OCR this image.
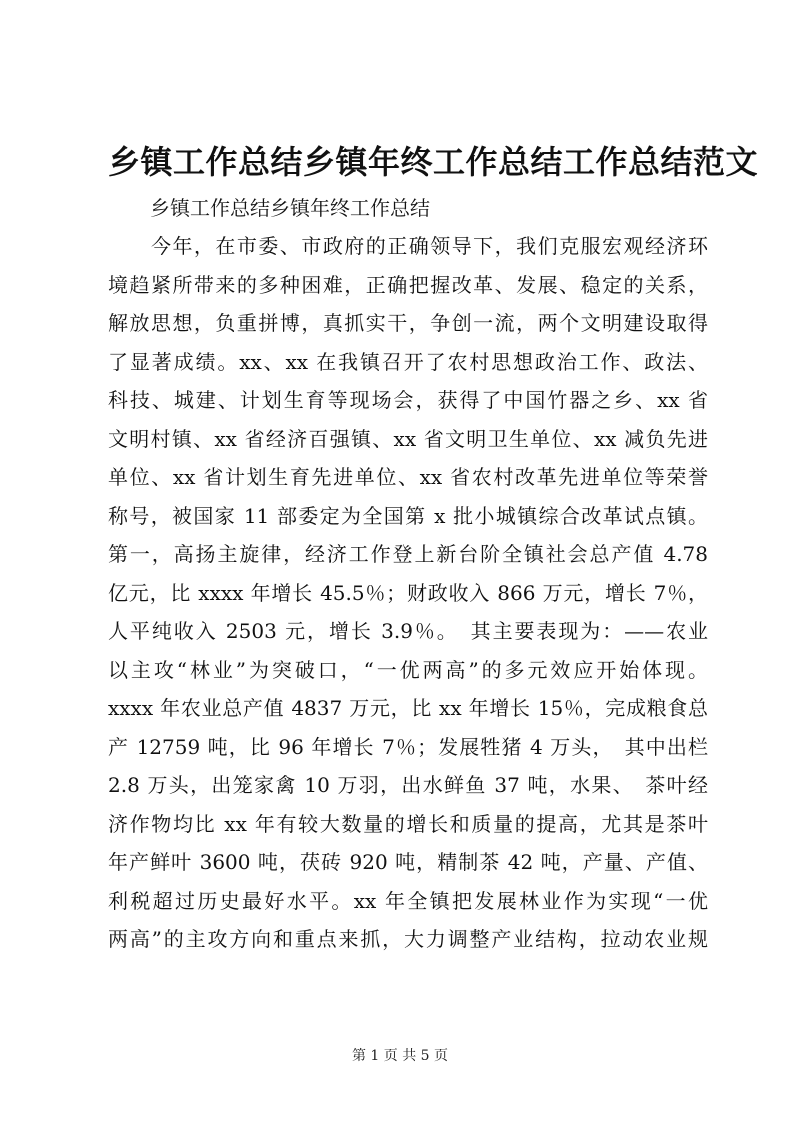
乡镇工作总结乡镇年终工作总结工作总结范文

乡镇工作总结乡镇年终工作总结

　　今年，在市委、市政府的正确领导下，我们克服宏观经济环
境趋紧所带来的多种困难，正确把握改革、发展、稳定的关系，
解放思想，负重拼博，真抓实干，争创一流，两个文明建设取得
了显著成绩。xx、xx 在我镇召开了农村思想政治工作、政法、
科技、城建、计划生育等现场会，获得了中国竹器之乡、xx 省
文明村镇、xx 省经济百强镇、xx 省文明卫生单位、xx 减负先进
单位、xx 省计划生育先进单位、xx 省农村改革先进单位等荣誉
称号，被国家 11 部委定为全国第 x 批小城镇综合改革试点镇。
第一，高扬主旋律，经济工作登上新台阶全镇社会总产值 4.78
亿元，比 xxxx 年增长 45.5％；财政收入 866 万元，增长 7％，
人平纯收入 2503 元，增长 3.9％。　其主要表现为：——农业
以主攻“林业”为突破口，“一优两高”的多元效应开始体现。
xxxx 年农业总产值 4837 万元，比 xx 年增长 15％，完成粮食总
产 12759 吨，比 96 年增长 7％；发展牲猪 4 万头，　其中出栏
2.8 万头，出笼家禽 10 万羽，出水鲜鱼 37 吨，水果、　茶叶经
济作物均比 xx 年有较大数量的增长和质量的提高，尤其是茶叶
年产鲜叶 3600 吨，茯砖 920 吨，精制茶 42 吨，产量、产值、
利税超过历史最好水平。xx 年全镇把发展林业作为实现“一优
两高”的主攻方向和重点来抓，大力调整产业结构，拉动农业规
第 1 页 共 5 页
